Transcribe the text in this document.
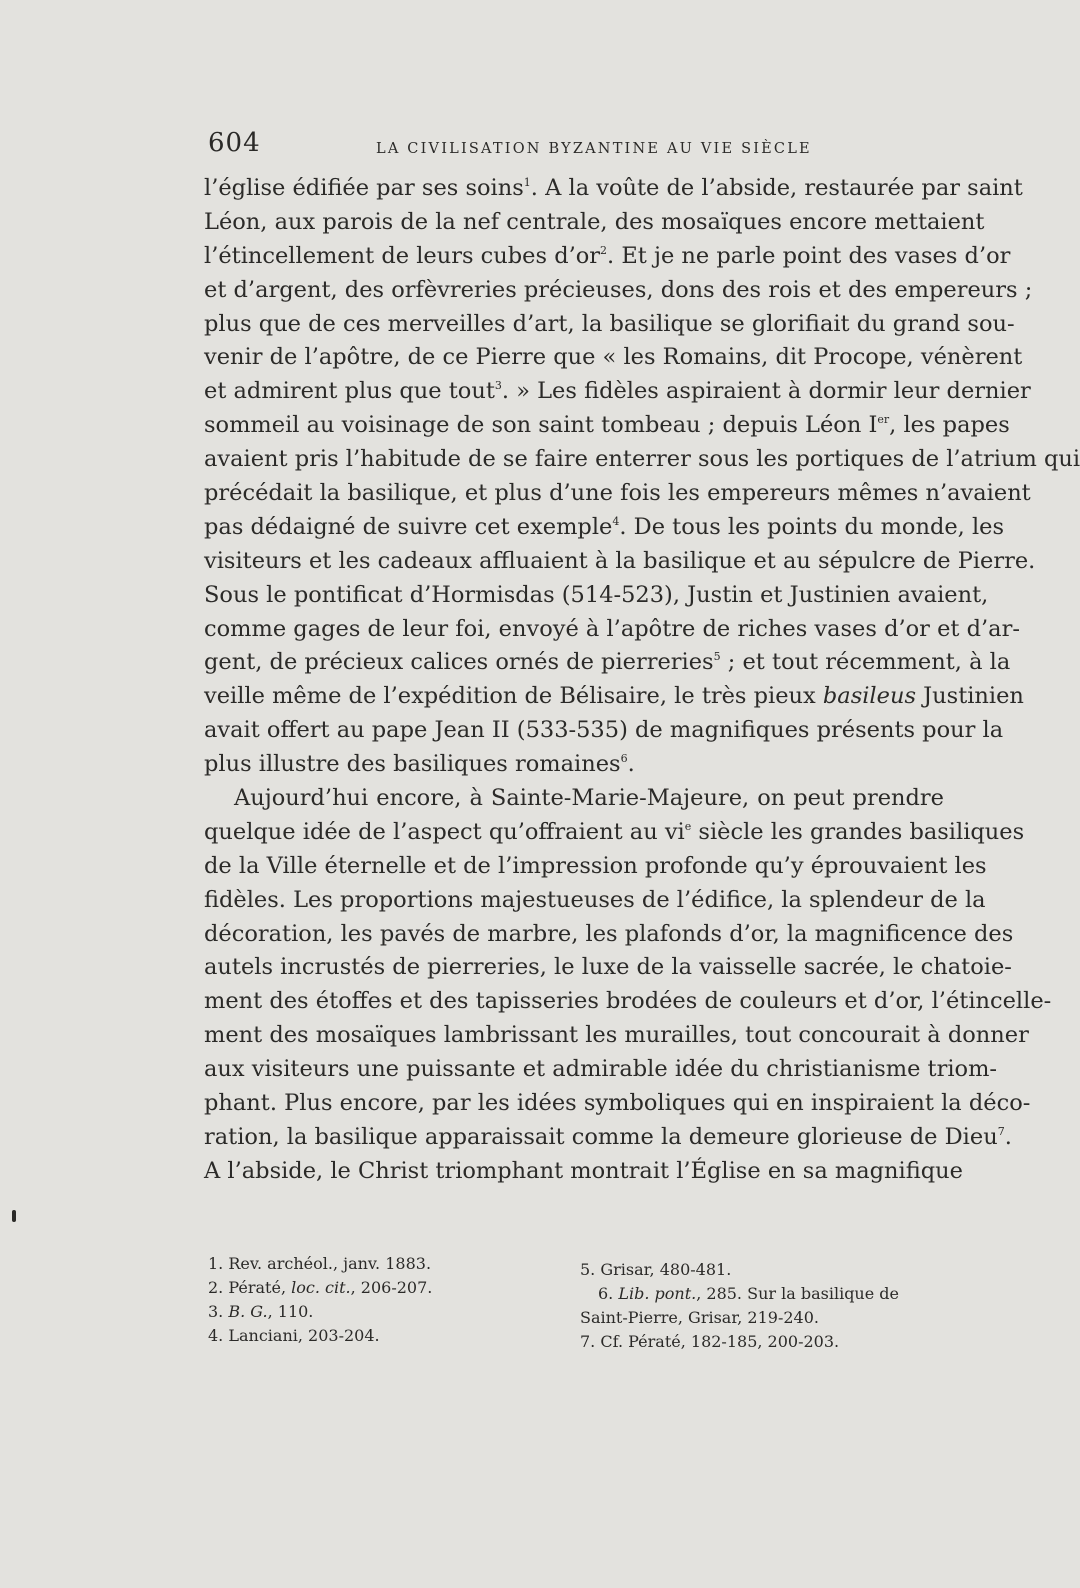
604	LA CIVILISATION BYZANTINE AU VIE SIÈCLE
l’église édifiée par ses soins$^1$. A la voûte de l’abside, restaurée par saint
Léon, aux parois de la nef centrale, des mosaïques encore mettaient
l’étincellement de leurs cubes $d’or^2$. Et je ne parle point des vases d’or
et d’argent, des orfèvreries précieuses, dons des rois et des empereurs ;
plus que de ces merveilles d’art, la basilique se glorifiait du grand sou-
venir de l’apôtre, de ce Pierre que « les Romains, dit Procope, vénèrent
et admirent plus que tout$^3$. » Les fidèles aspiraient à dormir leur dernier
sommeil au voisinage de son saint tombeau ; depuis Léon Ier, les papes
avaient pris l’habitude de se faire enterrer sous les portiques de l’atrium qui
précédait la basilique, et plus d’une fois les empereurs mêmes n’avaient
pas dédaigné de suivre cet exemple$^4$. De tous les points du monde, les
visiteurs et les cadeaux affluaient à la basilique et au sépulcre de Pierre.
Sous le pontificat d’Hormisdas (514-523), Justin et Justinien avaient,
comme gages de leur foi, envoyé à l’apôtre de riches vases d’or et d’ar-
gent, de précieux calices ornés de pierreries$^5$ ; et tout récemment, à la
veille même de l’expédition de Bélisaire, le très pieux basileus Justinien
avait offert au pape Jean II (533-535) de magnifiques présents pour la
plus illustre des basiliques romaines$^6$.
Aujourd’hui encore, à Sainte-Marie-Majeure, on peut prendre
quelque idée de l’aspect qu’offraient au $vi^e$ siècle les grandes basiliques
de la Ville éternelle et de l’impression profonde qu’y éprouvaient les
fidèles. Les proportions majestueuses de l’édifice, la splendeur de la
décoration, les pavés de marbre, les plafonds d’or, la magnificence des
autels incrustés de pierreries, le luxe de la vaisselle sacrée, le chatoie-
ment des étoffes et des tapisseries brodées de couleurs et d’or, l’étincelle-
ment des mosaïques lambrissant les murailles, tout concourait à donner
aux visiteurs une puissante et admirable idée du christianisme triom-
phant. Plus encore, par les idées symboliques qui en inspiraient la déco-
ration, la basilique apparaissait comme la demeure glorieuse de Dieu$^7$.
A l’abside, le Christ triomphant montrait l’Église en sa magnifique
1. Rev. archéol., janv. 1883.
2. Pératé, loc. cit., 206-207.
3. B. G., 110.
4. Lanciani, 203-204.
5. Grisar, 480-481.
6. Lib. pont., 285. Sur la basilique de Saint-Pierre, Grisar, 219-240.
7. Cf. Pératé, 182-185, 200-203.
